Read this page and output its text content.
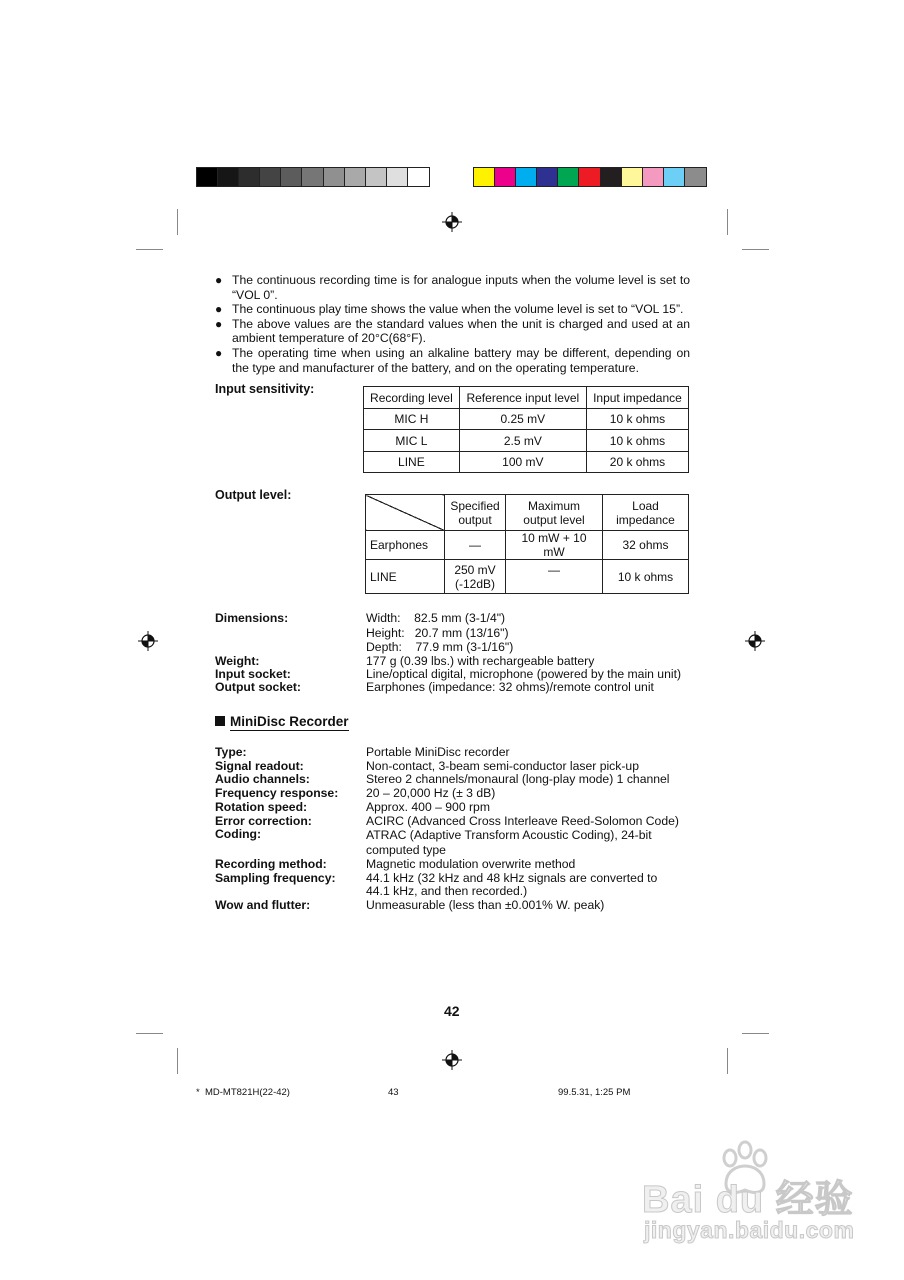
● The continuous recording time is for analogue inputs when the volume level is set to “VOL 0”.
● The continuous play time shows the value when the volume level is set to “VOL 15”.
● The above values are the standard values when the unit is charged and used at an ambient temperature of 20°C(68°F).
● The operating time when using an alkaline battery may be different, depending on the type and manufacturer of the battery, and on the operating temperature.
Input sensitivity:
Recording level	Reference input level	Input impedance
MIC H	0.25 mV	10 k ohms
MIC L	2.5 mV	10 k ohms
LINE	100 mV	20 k ohms
Output level:
	Specified output	Maximum output level	Load impedance
Earphones	—	10 mW + 10 mW	32 ohms
LINE	250 mV (-12dB)	—	10 k ohms
Dimensions:	Width:    82.5 mm (3-1/4")
Height:   20.7 mm (13/16")
Depth:    77.9 mm (3-1/16")
Weight:	177 g (0.39 lbs.) with rechargeable battery
Input socket:	Line/optical digital, microphone (powered by the main unit)
Output socket:	Earphones (impedance: 32 ohms)/remote control unit
MiniDisc Recorder
Type:	Portable MiniDisc recorder
Signal readout:	Non-contact, 3-beam semi-conductor laser pick-up
Audio channels:	Stereo 2 channels/monaural (long-play mode) 1 channel
Frequency response:	20 – 20,000 Hz (± 3 dB)
Rotation speed:	Approx. 400 – 900 rpm
Error correction:	ACIRC (Advanced Cross Interleave Reed-Solomon Code)
Coding:	ATRAC (Adaptive Transform Acoustic Coding), 24-bit computed type
Recording method:	Magnetic modulation overwrite method
Sampling frequency:	44.1 kHz (32 kHz and 48 kHz signals are converted to 44.1 kHz, and then recorded.)
Wow and flutter:	Unmeasurable (less than ±0.001% W. peak)
42
*  MD-MT821H(22-42)	43	99.5.31, 1:25 PM
Bai du 经验
jingyan.baidu.com
